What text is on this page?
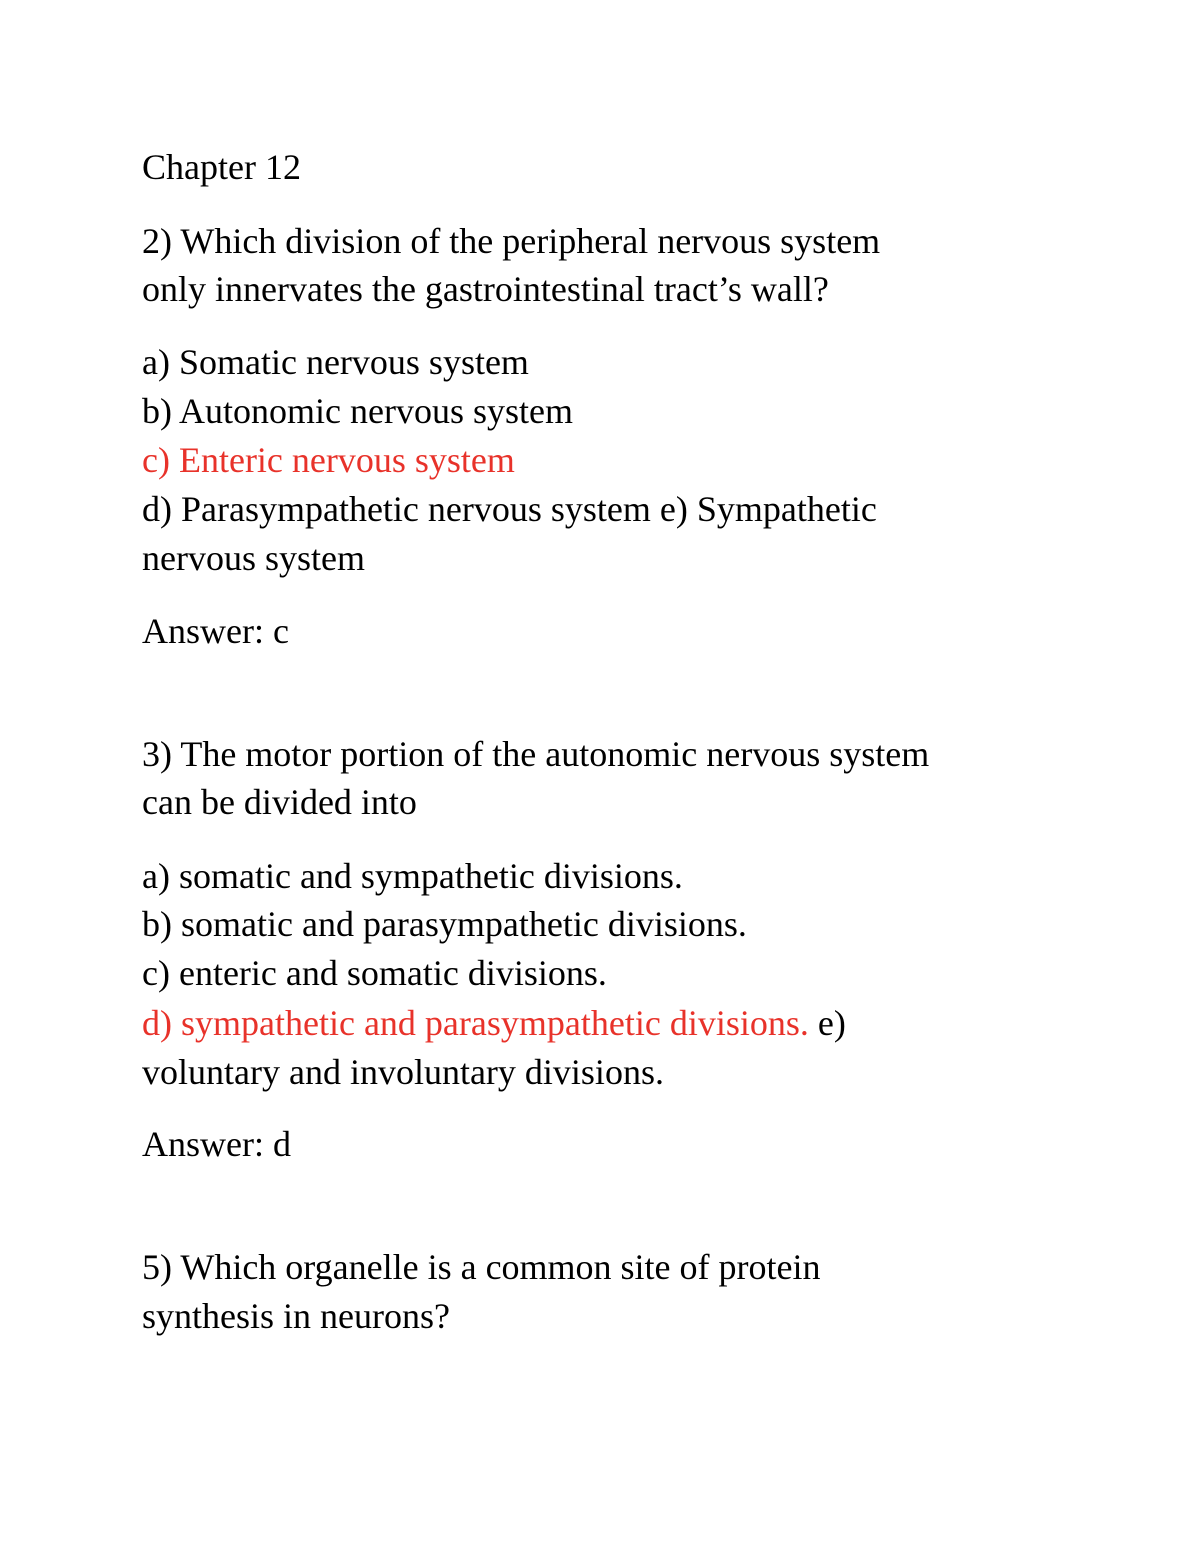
Chapter 12

2) Which division of the peripheral nervous system

only innervates the gastrointestinal tract’s wall?

a) Somatic nervous system

b) Autonomic nervous system

c) Enteric nervous system

d) Parasympathetic nervous system e) Sympathetic

nervous system

Answer: c

3) The motor portion of the autonomic nervous system

can be divided into

a) somatic and sympathetic divisions.

b) somatic and parasympathetic divisions.

c) enteric and somatic divisions.

d) sympathetic and parasympathetic divisions. e)

voluntary and involuntary divisions.

Answer: d

5) Which organelle is a common site of protein

synthesis in neurons?
